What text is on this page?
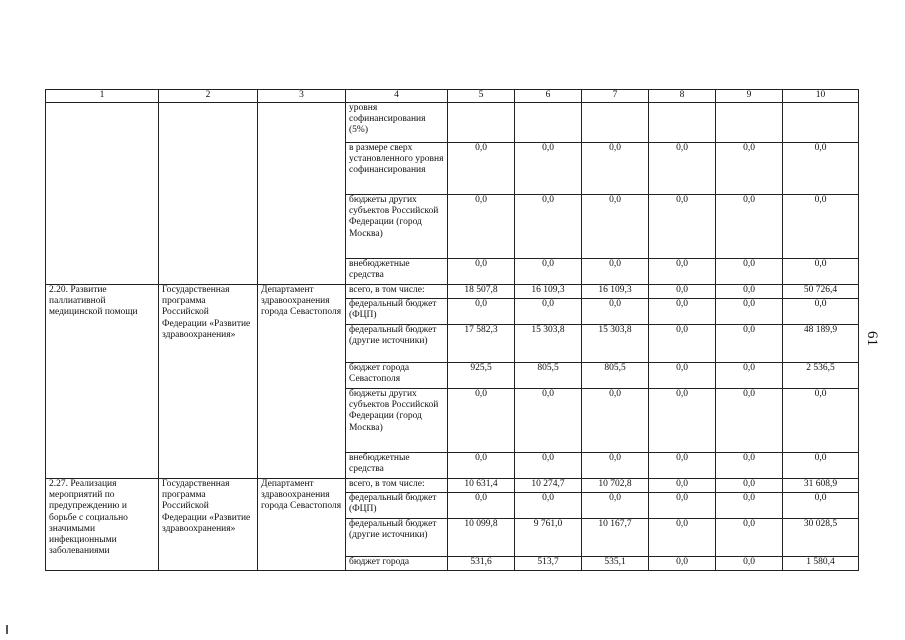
1	2	3	4	5	6	7	8	9	10
			уровня софинансирования (5%)						
			в размере сверх установленного уровня софинансирования	0,0	0,0	0,0	0,0	0,0	0,0
			бюджеты других субъектов Российской Федерации (город Москва)	0,0	0,0	0,0	0,0	0,0	0,0
			внебюджетные средства	0,0	0,0	0,0	0,0	0,0	0,0
2.20. Развитие паллиативной медицинской помощи	Государственная программа Российской Федерации «Развитие здравоохранения»	Департамент здравоохранения города Севастополя	всего, в том числе:	18 507,8	16 109,3	16 109,3	0,0	0,0	50 726,4
			федеральный бюджет (ФЦП)	0,0	0,0	0,0	0,0	0,0	0,0
			федеральный бюджет (другие источники)	17 582,3	15 303,8	15 303,8	0,0	0,0	48 189,9
			бюджет города Севастополя	925,5	805,5	805,5	0,0	0,0	2 536,5
			бюджеты других субъектов Российской Федерации (город Москва)	0,0	0,0	0,0	0,0	0,0	0,0
			внебюджетные средства	0,0	0,0	0,0	0,0	0,0	0,0
2.27. Реализация мероприятий по предупреждению и борьбе с социально значимыми инфекционными заболеваниями	Государственная программа Российской Федерации «Развитие здравоохранения»	Департамент здравоохранения города Севастополя	всего, в том числе:	10 631,4	10 274,7	10 702,8	0,0	0,0	31 608,9
			федеральный бюджет (ФЦП)	0,0	0,0	0,0	0,0	0,0	0,0
			федеральный бюджет (другие источники)	10 099,8	9 761,0	10 167,7	0,0	0,0	30 028,5
			бюджет города	531,6	513,7	535,1	0,0	0,0	1 580,4
61
